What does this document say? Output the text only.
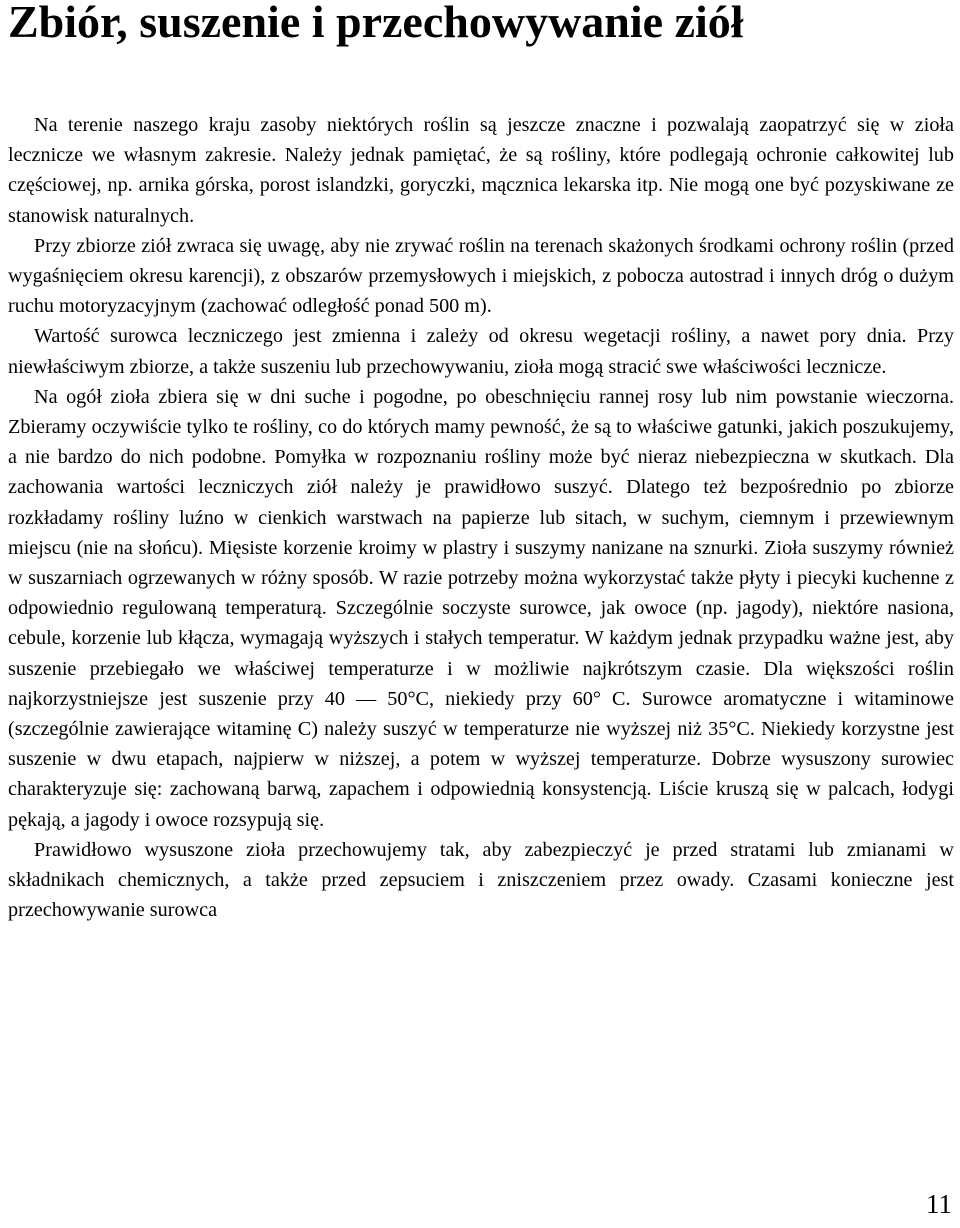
Zbiór, suszenie i przechowywanie ziół

Na terenie naszego kraju zasoby niektórych roślin są jeszcze znaczne i pozwalają zaopatrzyć się w zioła lecznicze we własnym zakresie. Należy jednak pamiętać, że są rośliny, które podlegają ochronie całkowitej lub częściowej, np. arnika górska, porost islandzki, goryczki, mącznica lekarska itp. Nie mogą one być pozyskiwane ze stanowisk naturalnych.

Przy zbiorze ziół zwraca się uwagę, aby nie zrywać roślin na terenach skażonych środkami ochrony roślin (przed wygaśnięciem okresu karencji), z obszarów przemysłowych i miejskich, z pobocza autostrad i innych dróg o dużym ruchu motoryzacyjnym (zachować odległość ponad 500 m).

Wartość surowca leczniczego jest zmienna i zależy od okresu wegetacji rośliny, a nawet pory dnia. Przy niewłaściwym zbiorze, a także suszeniu lub przechowywaniu, zioła mogą stracić swe właściwości lecznicze.

Na ogół zioła zbiera się w dni suche i pogodne, po obeschnięciu rannej rosy lub nim powstanie wieczorna. Zbieramy oczywiście tylko te rośliny, co do których mamy pewność, że są to właściwe gatunki, jakich poszukujemy, a nie bardzo do nich podobne. Pomyłka w rozpoznaniu rośliny może być nieraz niebezpieczna w skutkach. Dla zachowania wartości leczniczych ziół należy je prawidłowo suszyć. Dlatego też bezpośrednio po zbiorze rozkładamy rośliny luźno w cienkich warstwach na papierze lub sitach, w suchym, ciemnym i przewiewnym miejscu (nie na słońcu). Mięsiste korzenie kroimy w plastry i suszymy nanizane na sznurki. Zioła suszymy również w suszarniach ogrzewanych w różny sposób. W razie potrzeby można wykorzystać także płyty i piecyki kuchenne z odpowiednio regulowaną temperaturą. Szczególnie soczyste surowce, jak owoce (np. jagody), niektóre nasiona, cebule, korzenie lub kłącza, wymagają wyższych i stałych temperatur. W każdym jednak przypadku ważne jest, aby suszenie przebiegało we właściwej temperaturze i w możliwie najkrótszym czasie. Dla większości roślin najkorzystniejsze jest suszenie przy 40 — 50°C, niekiedy przy 60° C. Surowce aromatyczne i witaminowe (szczególnie zawierające witaminę C) należy suszyć w temperaturze nie wyższej niż 35°C. Niekiedy korzystne jest suszenie w dwu etapach, najpierw w niższej, a potem w wyższej temperaturze. Dobrze wysuszony surowiec charakteryzuje się: zachowaną barwą, zapachem i odpowiednią konsystencją. Liście kruszą się w palcach, łodygi pękają, a jagody i owoce rozsypują się.

Prawidłowo wysuszone zioła przechowujemy tak, aby zabezpieczyć je przed stratami lub zmianami w składnikach chemicznych, a także przed zepsuciem i zniszczeniem przez owady. Czasami konieczne jest przechowywanie surowca

11
